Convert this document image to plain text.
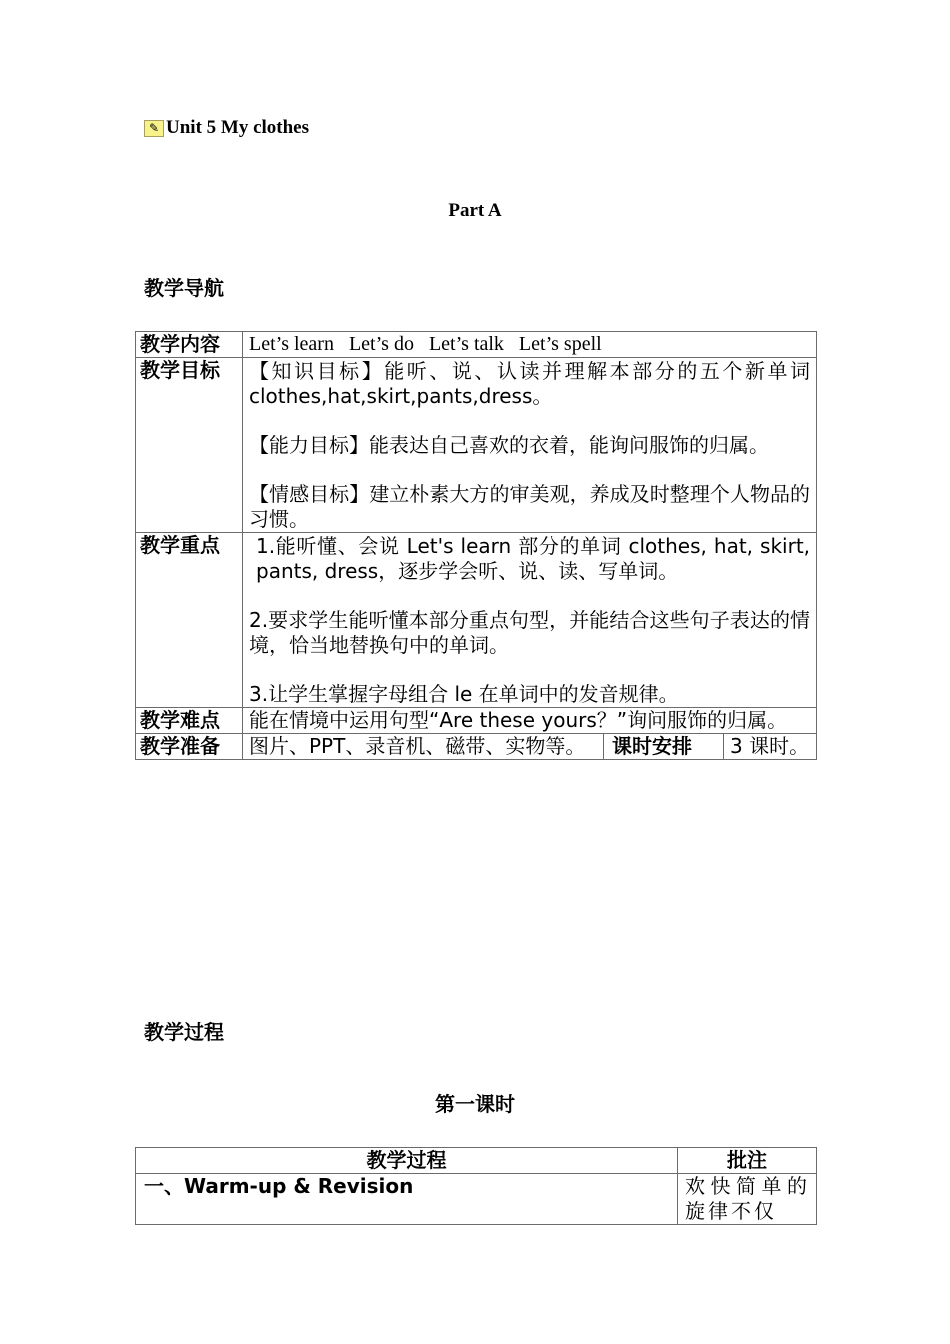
✎ Unit 5 My clothes
Part A
教学导航
教学内容	Let’s learn   Let’s do   Let’s talk   Let’s spell		
教学目标	【知识目标】能听、说、认读并理解本部分的五个新单词 clothes,hat,skirt,pants,dress。

【能力目标】能表达自己喜欢的衣着，能询问服饰的归属。

【情感目标】建立朴素大方的审美观，养成及时整理个人物品的习惯。		

教学重点	1.能听懂、会说 Let's learn 部分的单词 clothes, hat, skirt, pants, dress，逐步学会听、说、读、写单词。

2.要求学生能听懂本部分重点句型，并能结合这些句子表达的情境，恰当地替换句中的单词。

3.让学生掌握字母组合 le 在单词中的发音规律。		

教学难点	能在情境中运用句型“Are these yours？”询问服饰的归属。		
教学准备	图片、PPT、录音机、磁带、实物等。	课时安排	3 课时。
教学过程
第一课时
教学过程	批注
一、Warm-up & Revision	欢快简单的旋律不仅
